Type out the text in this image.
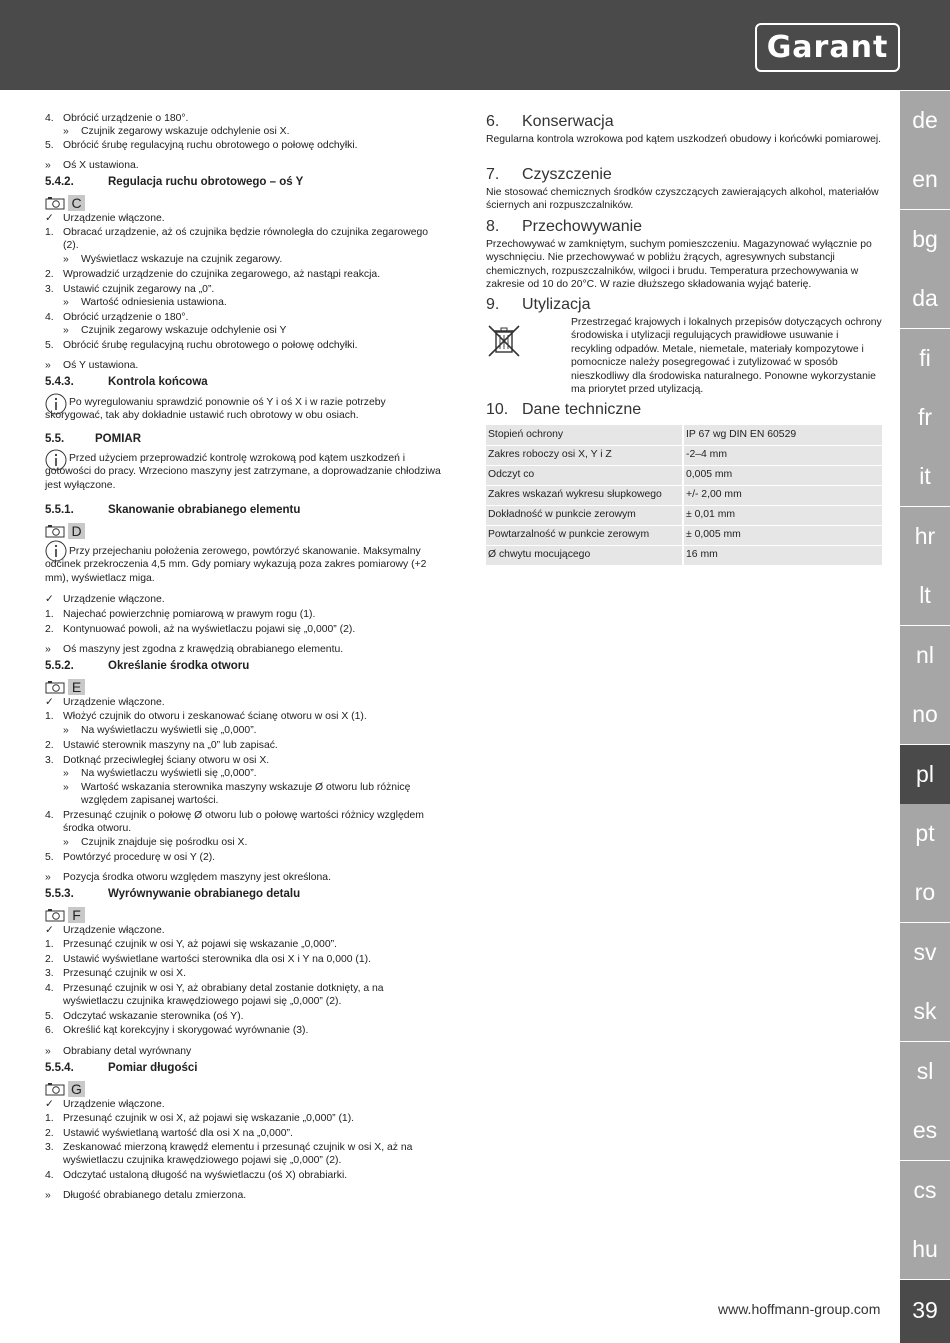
Garant
de
en
bg
da
fi
fr
it
hr
lt
nl
no
pl
pt
ro
sv
sk
sl
es
cs
hu
39
4. Obrócić urządzenie o 180°.
» Czujnik zegarowy wskazuje odchylenie osi X.
5. Obrócić śrubę regulacyjną ruchu obrotowego o połowę odchyłki.
» Oś X ustawiona.
5.4.2.	Regulacja ruchu obrotowego – oś Y
C
✓ Urządzenie włączone.
1. Obracać urządzenie, aż oś czujnika będzie równoległa do czujnika zegarowego (2).
» Wyświetlacz wskazuje na czujnik zegarowy.
2. Wprowadzić urządzenie do czujnika zegarowego, aż nastąpi reakcja.
3. Ustawić czujnik zegarowy na „0”.
» Wartość odniesienia ustawiona.
4. Obrócić urządzenie o 180°.
» Czujnik zegarowy wskazuje odchylenie osi Y
5. Obrócić śrubę regulacyjną ruchu obrotowego o połowę odchyłki.
» Oś Y ustawiona.
5.4.3.	Kontrola końcowa
Po wyregulowaniu sprawdzić ponownie oś Y i oś X i w razie potrzeby skorygować, tak aby dokładnie ustawić ruch obrotowy w obu osiach.
5.5.	POMIAR
Przed użyciem przeprowadzić kontrolę wzrokową pod kątem uszkodzeń i gotowości do pracy. Wrzeciono maszyny jest zatrzymane, a doprowadzanie chłodziwa jest wyłączone.
5.5.1.	Skanowanie obrabianego elementu
D
Przy przejechaniu położenia zerowego, powtórzyć skanowanie. Maksymalny odcinek przekroczenia 4,5 mm. Gdy pomiary wykazują poza zakres pomiarowy (+2 mm), wyświetlacz miga.
✓ Urządzenie włączone.
1. Najechać powierzchnię pomiarową w prawym rogu (1).
2. Kontynuować powoli, aż na wyświetlaczu pojawi się „0,000” (2).
» Oś maszyny jest zgodna z krawędzią obrabianego elementu.
5.5.2.	Określanie środka otworu
E
✓ Urządzenie włączone.
1. Włożyć czujnik do otworu i zeskanować ścianę otworu w osi X (1).
» Na wyświetlaczu wyświetli się „0,000”.
2. Ustawić sterownik maszyny na „0” lub zapisać.
3. Dotknąć przeciwległej ściany otworu w osi X.
» Na wyświetlaczu wyświetli się „0,000”.
» Wartość wskazania sterownika maszyny wskazuje Ø otworu lub różnicę względem zapisanej wartości.
4. Przesunąć czujnik o połowę Ø otworu lub o połowę wartości różnicy względem środka otworu.
» Czujnik znajduje się pośrodku osi X.
5. Powtórzyć procedurę w osi Y (2).
» Pozycja środka otworu względem maszyny jest określona.
5.5.3.	Wyrównywanie obrabianego detalu
F
✓ Urządzenie włączone.
1. Przesunąć czujnik w osi Y, aż pojawi się wskazanie „0,000”.
2. Ustawić wyświetlane wartości sterownika dla osi X i Y na 0,000 (1).
3. Przesunąć czujnik w osi X.
4. Przesunąć czujnik w osi Y, aż obrabiany detal zostanie dotknięty, a na wyświetlaczu czujnika krawędziowego pojawi się „0,000” (2).
5. Odczytać wskazanie sterownika (oś Y).
6. Określić kąt korekcyjny i skorygować wyrównanie (3).
» Obrabiany detal wyrównany
5.5.4.	Pomiar długości
G
✓ Urządzenie włączone.
1. Przesunąć czujnik w osi X, aż pojawi się wskazanie „0,000” (1).
2. Ustawić wyświetlaną wartość dla osi X na „0,000”.
3. Zeskanować mierzoną krawędź elementu i przesunąć czujnik w osi X, aż na wyświetlaczu czujnika krawędziowego pojawi się „0,000” (2).
4. Odczytać ustaloną długość na wyświetlaczu (oś X) obrabiarki.
» Długość obrabianego detalu zmierzona.
6. Konserwacja
Regularna kontrola wzrokowa pod kątem uszkodzeń obudowy i końcówki pomiarowej.
7. Czyszczenie
Nie stosować chemicznych środków czyszczących zawierających alkohol, materiałów ściernych ani rozpuszczalników.
8. Przechowywanie
Przechowywać w zamkniętym, suchym pomieszczeniu. Magazynować wyłącznie po wyschnięciu. Nie przechowywać w pobliżu żrących, agresywnych substancji chemicznych, rozpuszczalników, wilgoci i brudu. Temperatura przechowywania w zakresie od 10 do 20°C. W razie dłuższego składowania wyjąć baterię.
9. Utylizacja
Przestrzegać krajowych i lokalnych przepisów dotyczących ochrony środowiska i utylizacji regulujących prawidłowe usuwanie i recykling odpadów. Metale, niemetale, materiały kompozytowe i pomocnicze należy posegregować i zutylizować w sposób nieszkodliwy dla środowiska naturalnego. Ponowne wykorzystanie ma priorytet przed utylizacją.
10. Dane techniczne
Stopień ochrony	IP 67 wg DIN EN 60529
Zakres roboczy osi X, Y i Z	-2–4 mm
Odczyt co	0,005 mm
Zakres wskazań wykresu słupkowego	+/- 2,00 mm
Dokładność w punkcie zerowym	± 0,01 mm
Powtarzalność w punkcie zerowym	± 0,005 mm
Ø chwytu mocującego	16 mm
www.hoffmann-group.com
